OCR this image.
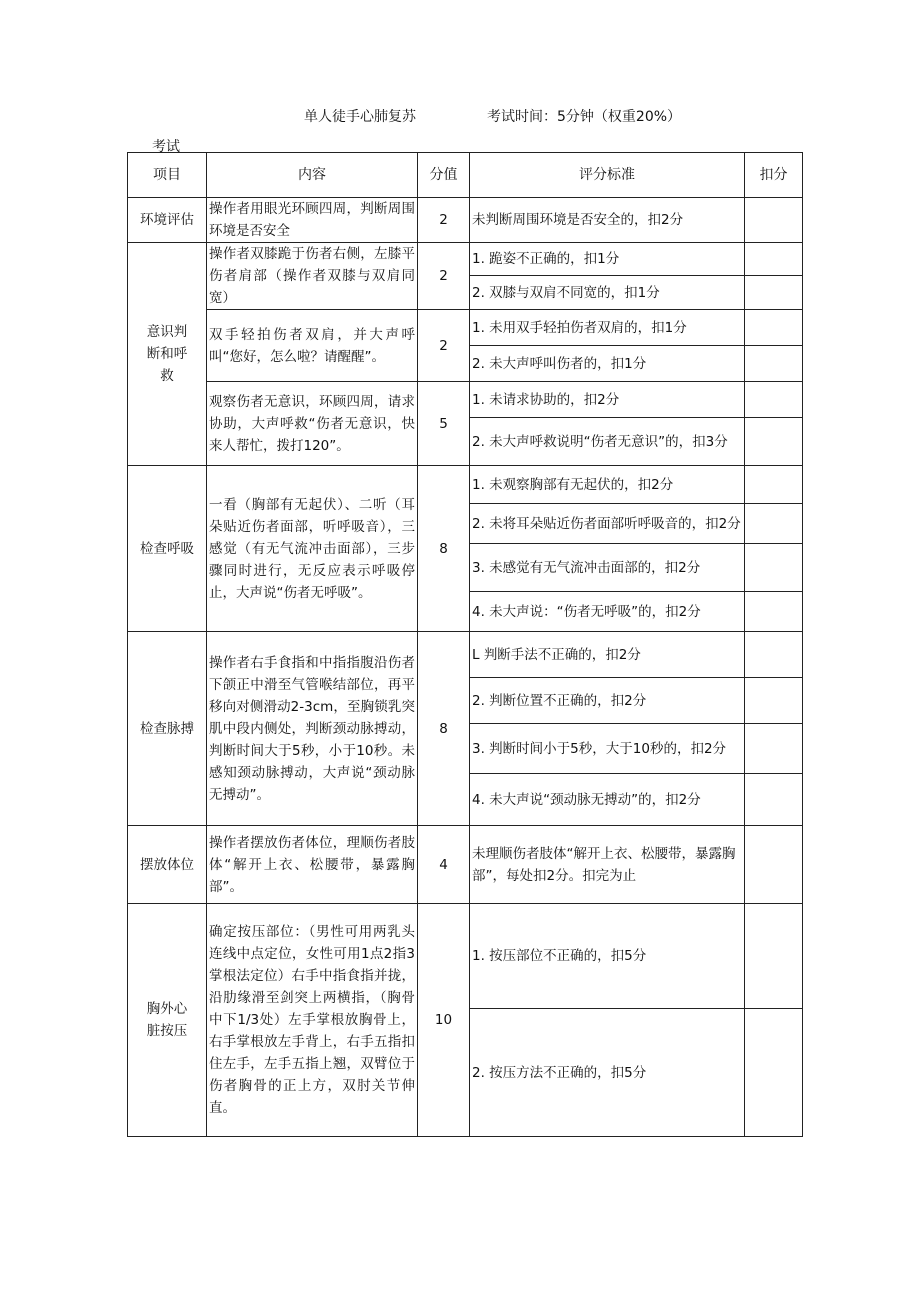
单人徒手心肺复苏	考试时间：5分钟（权重20%）
考试
项目	内容	分值	评分标准	扣分
环境评估	操作者用眼光环顾四周，判断周围环境是否安全	2	未判断周围环境是否安全的，扣2分	
意识判断和呼救	操作者双膝跪于伤者右侧，左膝平伤者肩部（操作者双膝与双肩同宽）	2	1. 跪姿不正确的，扣1分	
			2. 双膝与双肩不同宽的，扣1分	
	双手轻拍伤者双肩，并大声呼叫“您好，怎么啦？请醒醒”。	2	1. 未用双手轻拍伤者双肩的，扣1分	
			2. 未大声呼叫伤者的，扣1分	
	观察伤者无意识，环顾四周，请求协助，大声呼救“伤者无意识，快来人帮忙，拨打120”。	5	1. 未请求协助的，扣2分	
			2. 未大声呼救说明“伤者无意识”的，扣3分	
检查呼吸	一看（胸部有无起伏）、二听（耳朵贴近伤者面部，听呼吸音），三感觉（有无气流冲击面部），三步骤同时进行，无反应表示呼吸停止，大声说“伤者无呼吸”。	8	1. 未观察胸部有无起伏的，扣2分	
			2. 未将耳朵贴近伤者面部听呼吸音的，扣2分	
			3. 未感觉有无气流冲击面部的，扣2分	
			4. 未大声说：“伤者无呼吸”的，扣2分	
检查脉搏	操作者右手食指和中指指腹沿伤者下颌正中滑至气管喉结部位，再平移向对侧滑动2-3cm，至胸锁乳突肌中段内侧处，判断颈动脉搏动，判断时间大于5秒，小于10秒。未感知颈动脉搏动，大声说“颈动脉无搏动”。	8	L 判断手法不正确的，扣2分	
			2. 判断位置不正确的，扣2分	
			3. 判断时间小于5秒，大于10秒的，扣2分	
			4. 未大声说“颈动脉无搏动”的，扣2分	
摆放体位	操作者摆放伤者体位，理顺伤者肢体“解开上衣、松腰带，暴露胸部”。	4	未理顺伤者肢体“解开上衣、松腰带，暴露胸部”，每处扣2分。扣完为止	
胸外心脏按压	确定按压部位：（男性可用两乳头连线中点定位，女性可用1点2指3掌根法定位）右手中指食指并拢，沿肋缘滑至剑突上两横指，（胸骨中下1/3处）左手掌根放胸骨上，右手掌根放左手背上，右手五指扣住左手，左手五指上翘，双臂位于伤者胸骨的正上方，双肘关节伸直。	10	1. 按压部位不正确的，扣5分	
			2. 按压方法不正确的，扣5分	
